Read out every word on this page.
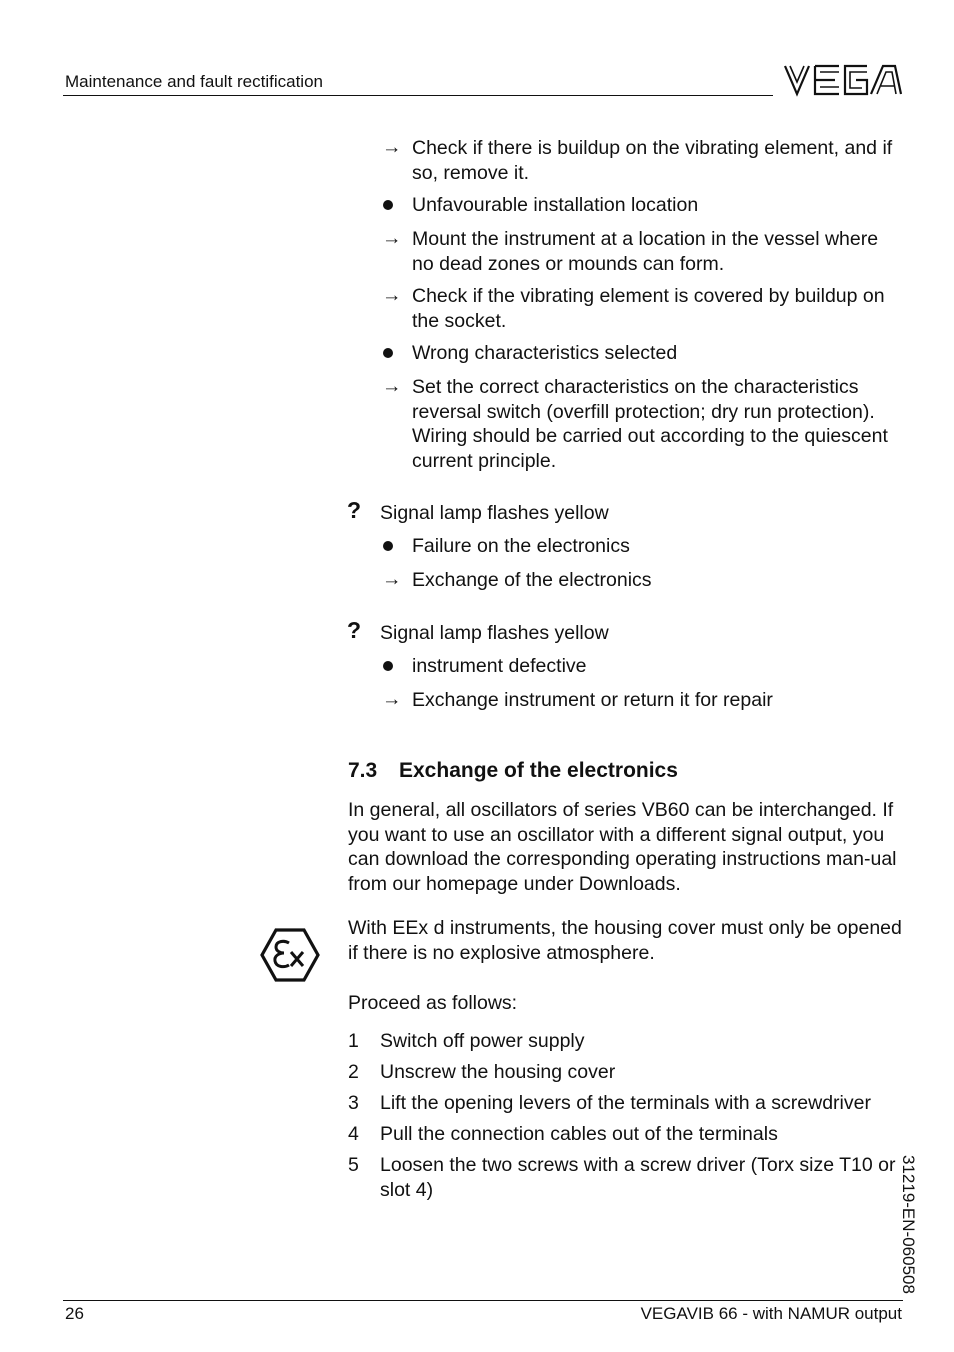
Maintenance and fault rectification
→ Check if there is buildup on the vibrating element, and if so, remove it.
Unfavourable installation location
→ Mount the instrument at a location in the vessel where no dead zones or mounds can form.
→ Check if the vibrating element is covered by buildup on the socket.
Wrong characteristics selected
→ Set the correct characteristics on the characteristics reversal switch (overfill protection; dry run protection). Wiring should be carried out according to the quiescent current principle.
? Signal lamp flashes yellow
Failure on the electronics
→ Exchange of the electronics
? Signal lamp flashes yellow
instrument defective
→ Exchange instrument or return it for repair
7.3 Exchange of the electronics
In general, all oscillators of series VB60 can be interchanged. If you want to use an oscillator with a different signal output, you can download the corresponding operating instructions man-ual from our homepage under Downloads.
With EEx d instruments, the housing cover must only be opened if there is no explosive atmosphere.
Proceed as follows:
1 Switch off power supply
2 Unscrew the housing cover
3 Lift the opening levers of the terminals with a screwdriver
4 Pull the connection cables out of the terminals
5 Loosen the two screws with a screw driver (Torx size T10 or slot 4)	31219-EN-060508
26	VEGAVIB 66 - with NAMUR output
